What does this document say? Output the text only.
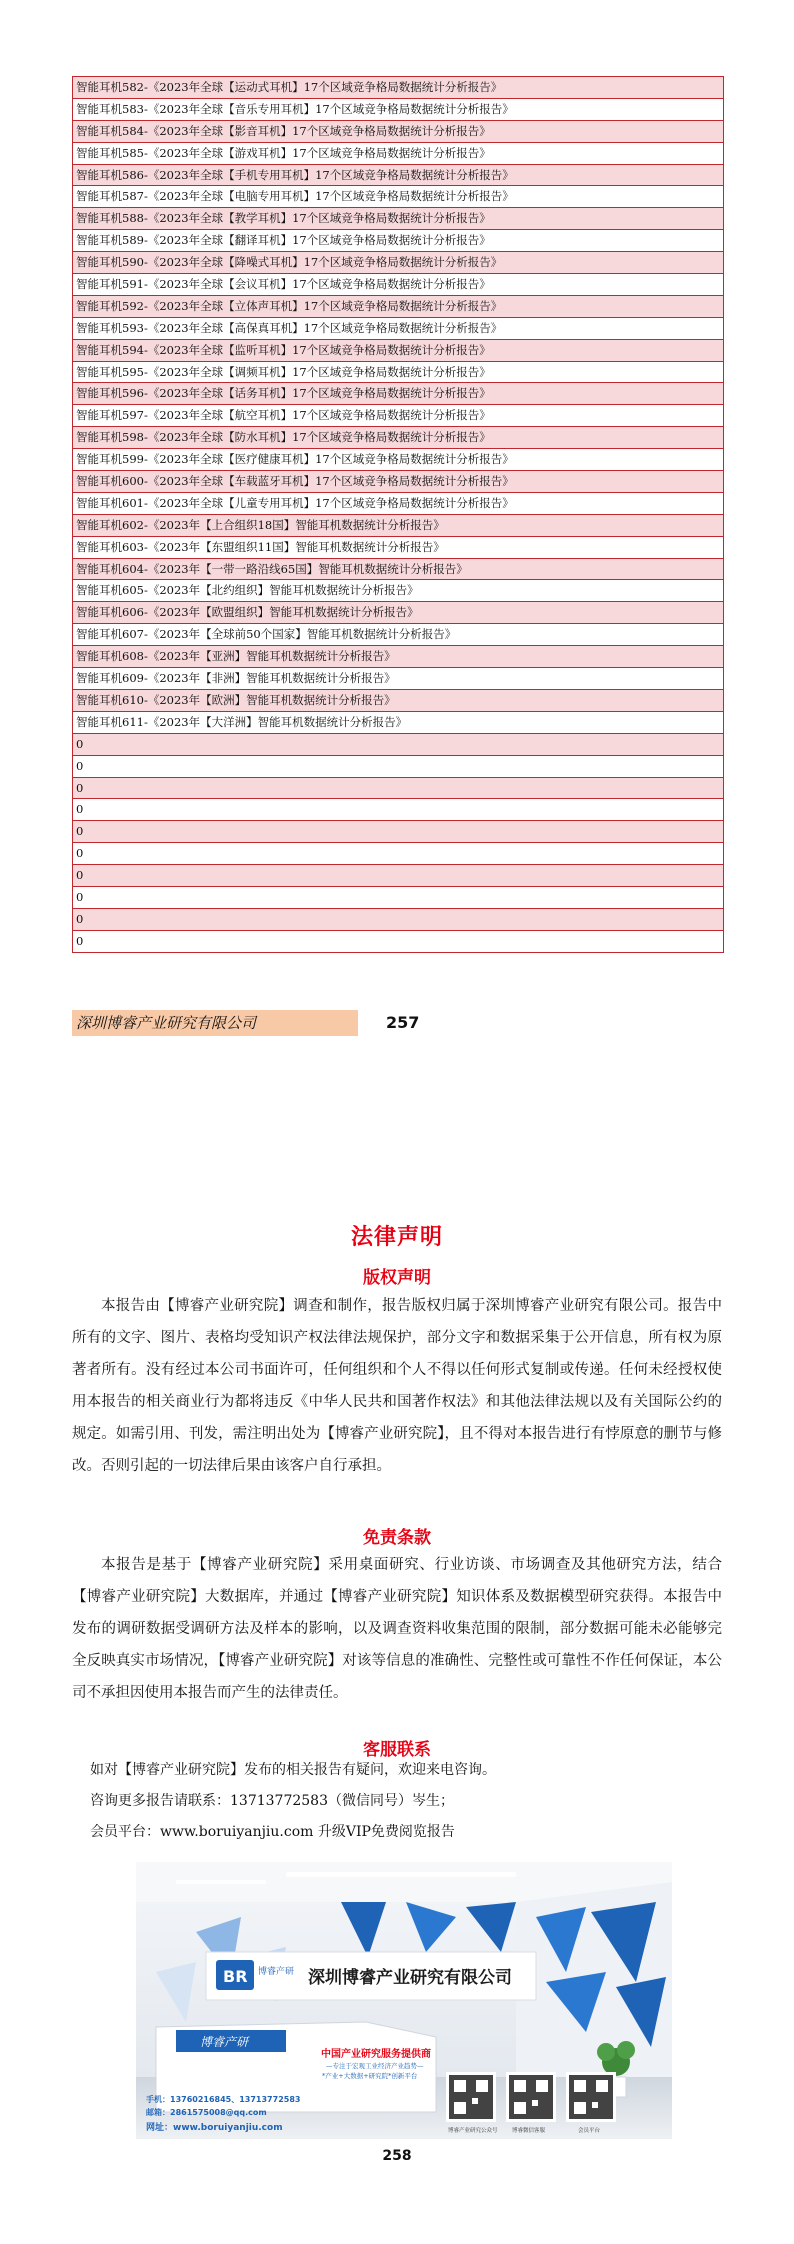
智能耳机582-《2023年全球【运动式耳机】17个区域竞争格局数据统计分析报告》
智能耳机583-《2023年全球【音乐专用耳机】17个区域竞争格局数据统计分析报告》
智能耳机584-《2023年全球【影音耳机】17个区域竞争格局数据统计分析报告》
智能耳机585-《2023年全球【游戏耳机】17个区域竞争格局数据统计分析报告》
智能耳机586-《2023年全球【手机专用耳机】17个区域竞争格局数据统计分析报告》
智能耳机587-《2023年全球【电脑专用耳机】17个区域竞争格局数据统计分析报告》
智能耳机588-《2023年全球【教学耳机】17个区域竞争格局数据统计分析报告》
智能耳机589-《2023年全球【翻译耳机】17个区域竞争格局数据统计分析报告》
智能耳机590-《2023年全球【降噪式耳机】17个区域竞争格局数据统计分析报告》
智能耳机591-《2023年全球【会议耳机】17个区域竞争格局数据统计分析报告》
智能耳机592-《2023年全球【立体声耳机】17个区域竞争格局数据统计分析报告》
智能耳机593-《2023年全球【高保真耳机】17个区域竞争格局数据统计分析报告》
智能耳机594-《2023年全球【监听耳机】17个区域竞争格局数据统计分析报告》
智能耳机595-《2023年全球【调频耳机】17个区域竞争格局数据统计分析报告》
智能耳机596-《2023年全球【话务耳机】17个区域竞争格局数据统计分析报告》
智能耳机597-《2023年全球【航空耳机】17个区域竞争格局数据统计分析报告》
智能耳机598-《2023年全球【防水耳机】17个区域竞争格局数据统计分析报告》
智能耳机599-《2023年全球【医疗健康耳机】17个区域竞争格局数据统计分析报告》
智能耳机600-《2023年全球【车载蓝牙耳机】17个区域竞争格局数据统计分析报告》
智能耳机601-《2023年全球【儿童专用耳机】17个区域竞争格局数据统计分析报告》
智能耳机602-《2023年【上合组织18国】智能耳机数据统计分析报告》
智能耳机603-《2023年【东盟组织11国】智能耳机数据统计分析报告》
智能耳机604-《2023年【一带一路沿线65国】智能耳机数据统计分析报告》
智能耳机605-《2023年【北约组织】智能耳机数据统计分析报告》
智能耳机606-《2023年【欧盟组织】智能耳机数据统计分析报告》
智能耳机607-《2023年【全球前50个国家】智能耳机数据统计分析报告》
智能耳机608-《2023年【亚洲】智能耳机数据统计分析报告》
智能耳机609-《2023年【非洲】智能耳机数据统计分析报告》
智能耳机610-《2023年【欧洲】智能耳机数据统计分析报告》
智能耳机611-《2023年【大洋洲】智能耳机数据统计分析报告》
0
0
0
0
0
0
0
0
0
0
深圳博睿产业研究有限公司	257
法律声明
版权声明
本报告由【博睿产业研究院】调查和制作，报告版权归属于深圳博睿产业研究有限公司。报告中所有的文字、图片、表格均受知识产权法律法规保护，部分文字和数据采集于公开信息，所有权为原著者所有。没有经过本公司书面许可，任何组织和个人不得以任何形式复制或传递。任何未经授权使用本报告的相关商业行为都将违反《中华人民共和国著作权法》和其他法律法规以及有关国际公约的规定。如需引用、刊发，需注明出处为【博睿产业研究院】，且不得对本报告进行有悖原意的删节与修改。否则引起的一切法律后果由该客户自行承担。
免责条款
本报告是基于【博睿产业研究院】采用桌面研究、行业访谈、市场调查及其他研究方法，结合【博睿产业研究院】大数据库，并通过【博睿产业研究院】知识体系及数据模型研究获得。本报告中发布的调研数据受调研方法及样本的影响，以及调查资料收集范围的限制，部分数据可能未必能够完全反映真实市场情况，【博睿产业研究院】对该等信息的准确性、完整性或可靠性不作任何保证，本公司不承担因使用本报告而产生的法律责任。
客服联系
如对【博睿产业研究院】发布的相关报告有疑问，欢迎来电咨询。
咨询更多报告请联系：13713772583（微信同号）岑生；
会员平台：www.boruiyanjiu.com 升级VIP免费阅览报告
BR 博睿产研 深圳博睿产业研究有限公司
博睿产研
中国产业研究服务提供商
—专注于宏观工业经济产业趋势—
*产业+大数据+研究院*创新平台
手机：13760216845、13713772583
邮箱：2861575008@qq.com
网址：www.boruiyanjiu.com	博睿产业研究公众号	博睿微信客服	会员平台
258
